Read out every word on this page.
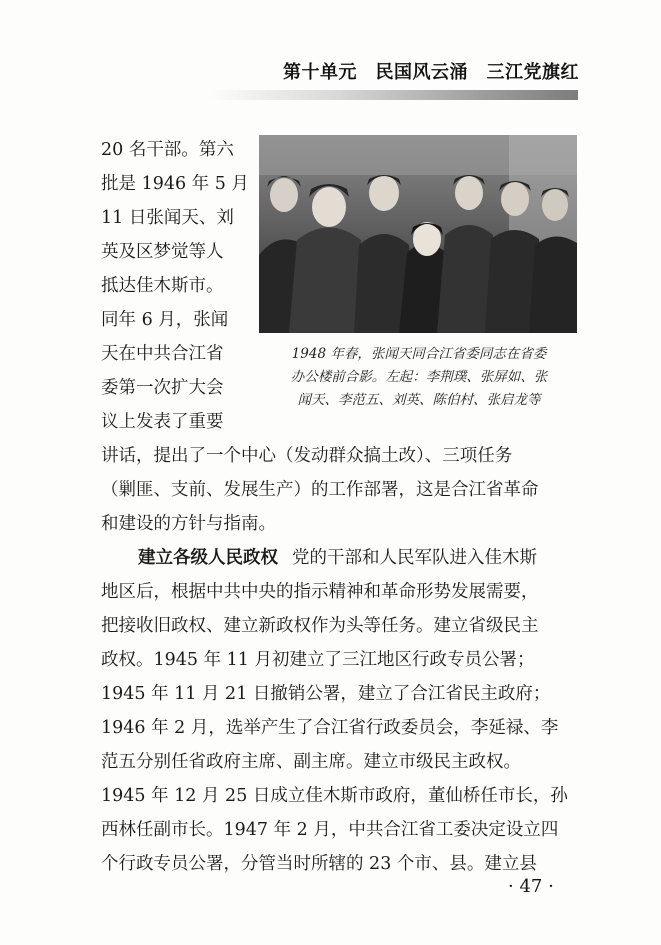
第十单元　民国风云涌　三江党旗红
1948 年春，张闻天同合江省委同志在省委
办公楼前合影。左起：李荆璞、张屏如、张
闻天、李范五、刘英、陈伯村、张启龙等
20 名干部。第六
批是 1946 年 5 月
11 日张闻天、刘
英及区梦觉等人
抵达佳木斯市。
同年 6 月，张闻
天在中共合江省
委第一次扩大会
议上发表了重要
讲话，提出了一个中心（发动群众搞土改）、三项任务
（剿匪、支前、发展生产）的工作部署，这是合江省革命
和建设的方针与指南。
建立各级人民政权 党的干部和人民军队进入佳木斯
地区后，根据中共中央的指示精神和革命形势发展需要，
把接收旧政权、建立新政权作为头等任务。建立省级民主
政权。1945 年 11 月初建立了三江地区行政专员公署；
1945 年 11 月 21 日撤销公署，建立了合江省民主政府；
1946 年 2 月，选举产生了合江省行政委员会，李延禄、李
范五分别任省政府主席、副主席。建立市级民主政权。
1945 年 12 月 25 日成立佳木斯市政府，董仙桥任市长，孙
西林任副市长。1947 年 2 月，中共合江省工委决定设立四
个行政专员公署，分管当时所辖的 23 个市、县。建立县
· 47 ·
